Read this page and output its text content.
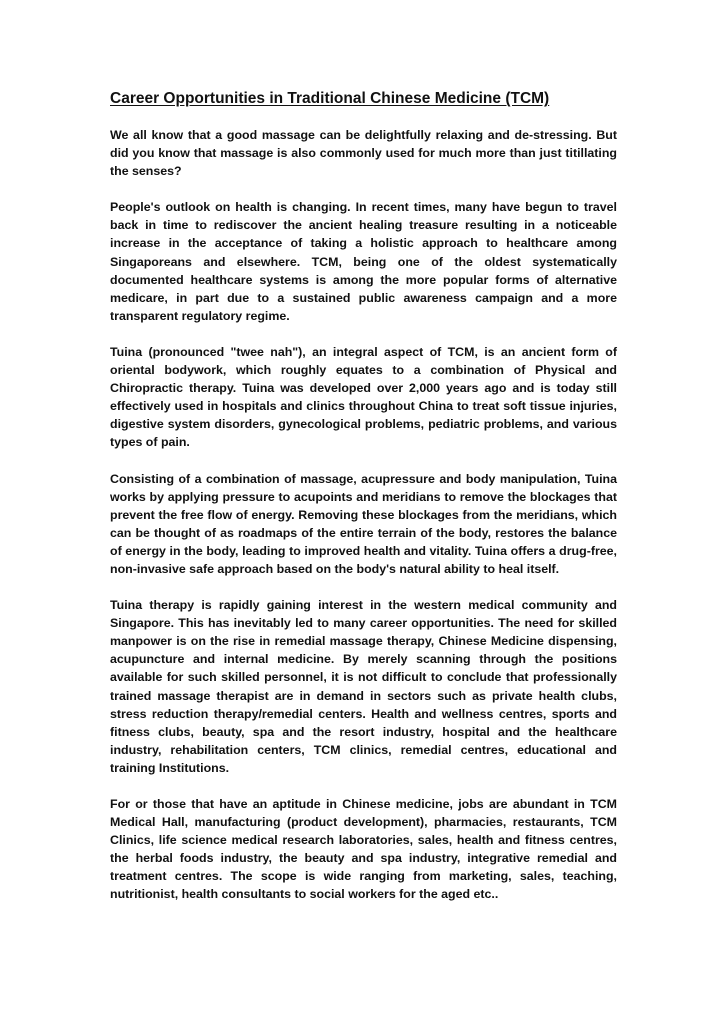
Career Opportunities in Traditional Chinese Medicine (TCM)

We all know that a good massage can be delightfully relaxing and de-stressing. But did you know that massage is also commonly used for much more than just titillating the senses?

People's outlook on health is changing. In recent times, many have begun to travel back in time to rediscover the ancient healing treasure resulting in a noticeable increase in the acceptance of taking a holistic approach to healthcare among Singaporeans and elsewhere. TCM, being one of the oldest systematically documented healthcare systems is among the more popular forms of alternative medicare, in part due to a sustained public awareness campaign and a more transparent regulatory regime.

Tuina (pronounced "twee nah"), an integral aspect of TCM, is an ancient form of oriental bodywork, which roughly equates to a combination of Physical and Chiropractic therapy. Tuina was developed over 2,000 years ago and is today still effectively used in hospitals and clinics throughout China to treat soft tissue injuries, digestive system disorders, gynecological problems, pediatric problems, and various types of pain.

Consisting of a combination of massage, acupressure and body manipulation, Tuina works by applying pressure to acupoints and meridians to remove the blockages that prevent the free flow of energy. Removing these blockages from the meridians, which can be thought of as roadmaps of the entire terrain of the body, restores the balance of energy in the body, leading to improved health and vitality. Tuina offers a drug-free, non-invasive safe approach based on the body's natural ability to heal itself.

Tuina therapy is rapidly gaining interest in the western medical community and Singapore. This has inevitably led to many career opportunities. The need for skilled manpower is on the rise in remedial massage therapy, Chinese Medicine dispensing, acupuncture and internal medicine. By merely scanning through the positions available for such skilled personnel, it is not difficult to conclude that professionally trained massage therapist are in demand in sectors such as private health clubs, stress reduction therapy/remedial centers. Health and wellness centres, sports and fitness clubs, beauty, spa and the resort industry, hospital and the healthcare industry, rehabilitation centers, TCM clinics, remedial centres, educational and training Institutions.

For or those that have an aptitude in Chinese medicine, jobs are abundant in TCM Medical Hall, manufacturing (product development), pharmacies, restaurants, TCM Clinics, life science medical research laboratories, sales, health and fitness centres, the herbal foods industry, the beauty and spa industry, integrative remedial and treatment centres. The scope is wide ranging from marketing, sales, teaching, nutritionist, health consultants to social workers for the aged etc..
